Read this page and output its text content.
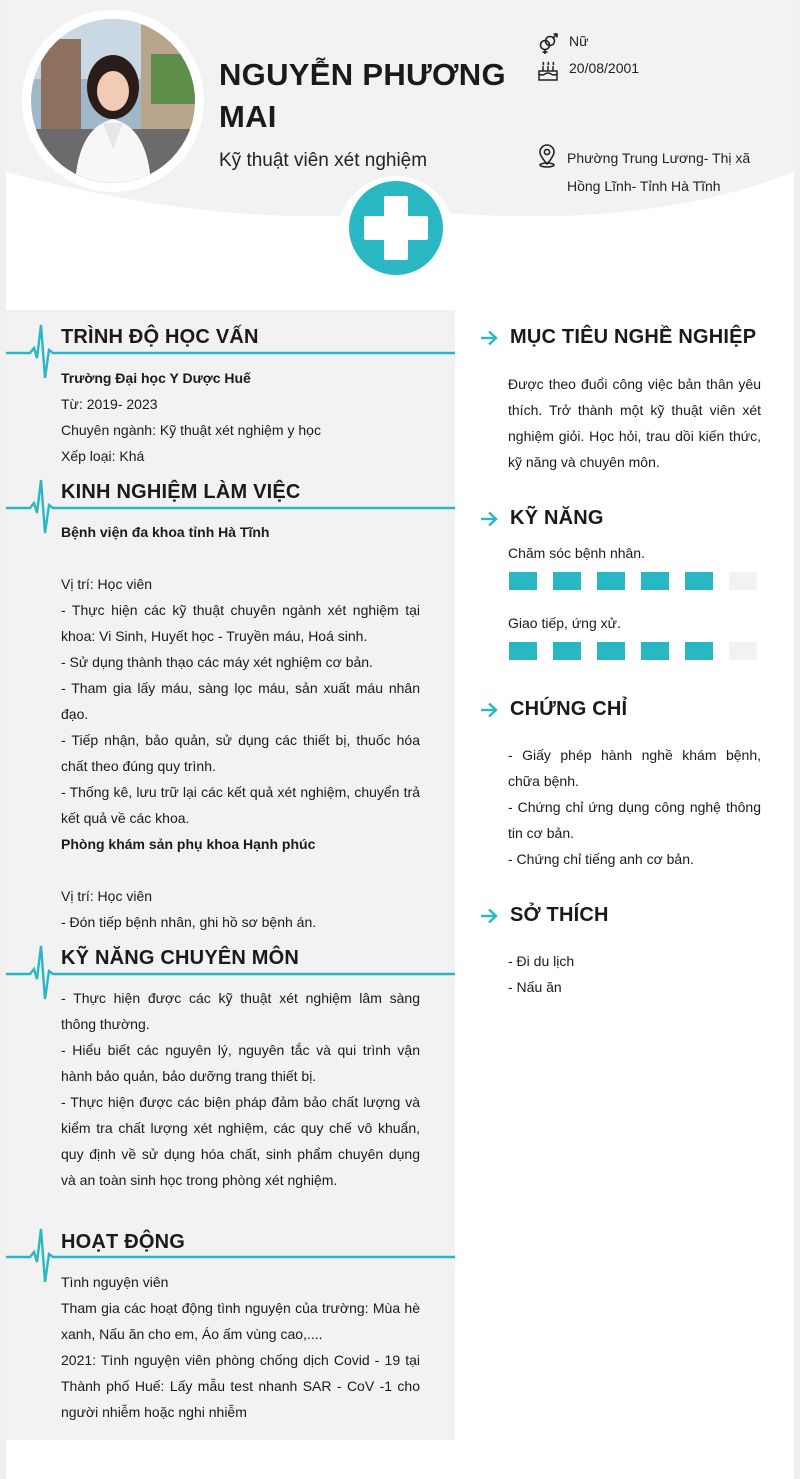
NGUYỄN PHƯƠNG MAI
Kỹ thuật viên xét nghiệm
Nữ
20/08/2001
Phường Trung Lương- Thị xã Hồng Lĩnh- Tỉnh Hà Tĩnh
TRÌNH ĐỘ HỌC VẤN

Trường Đại học Y Dược Huế

Từ: 2019- 2023

Chuyên ngành: Kỹ thuật xét nghiệm y học

Xếp loại: Khá

KINH NGHIỆM LÀM VIỆC

Bệnh viện đa khoa tỉnh Hà Tĩnh

Vị trí: Học viên

- Thực hiện các kỹ thuật chuyên ngành xét nghiệm tại khoa: Vi Sinh, Huyết học - Truyền máu, Hoá sinh.

- Sử dụng thành thạo các máy xét nghiệm cơ bản.

- Tham gia lấy máu, sàng lọc máu, sản xuất máu nhân đạo.

- Tiếp nhận, bảo quản, sử dụng các thiết bị, thuốc hóa chất theo đúng quy trình.

- Thống kê, lưu trữ lại các kết quả xét nghiệm, chuyển trả kết quả về các khoa.

Phòng khám sản phụ khoa Hạnh phúc

Vị trí: Học viên

- Đón tiếp bệnh nhân, ghi hồ sơ bệnh án.

KỸ NĂNG CHUYÊN MÔN

- Thực hiện được các kỹ thuật xét nghiệm lâm sàng thông thường.

- Hiểu biết các nguyên lý, nguyên tắc và qui trình vận hành bảo quản, bảo dưỡng trang thiết bị.

- Thực hiện được các biện pháp đảm bảo chất lượng và kiểm tra chất lượng xét nghiệm, các quy chế vô khuẩn, quy định về sử dụng hóa chất, sinh phẩm chuyên dụng và an toàn sinh học trong phòng xét nghiệm.

HOẠT ĐỘNG

Tình nguyện viên

Tham gia các hoạt động tình nguyện của trường: Mùa hè xanh, Nấu ăn cho em, Áo ấm vùng cao,....

2021: Tình nguyện viên phòng chống dịch Covid - 19 tại Thành phố Huế: Lấy mẫu test nhanh SAR - CoV -1 cho người nhiễm hoặc nghi nhiễm

MỤC TIÊU NGHỀ NGHIỆP
Được theo đuổi công việc bản thân yêu thích. Trở thành một kỹ thuật viên xét nghiệm giỏi. Học hỏi, trau dồi kiến thức, kỹ năng và chuyên môn.
KỸ NĂNG
Chăm sóc bệnh nhân.
Giao tiếp, ứng xử.
CHỨNG CHỈ

- Giấy phép hành nghề khám bệnh, chữa bệnh.

- Chứng chỉ ứng dụng công nghệ thông tin cơ bản.

- Chứng chỉ tiếng anh cơ bản.

SỞ THÍCH

- Đi du lịch

- Nấu ăn
